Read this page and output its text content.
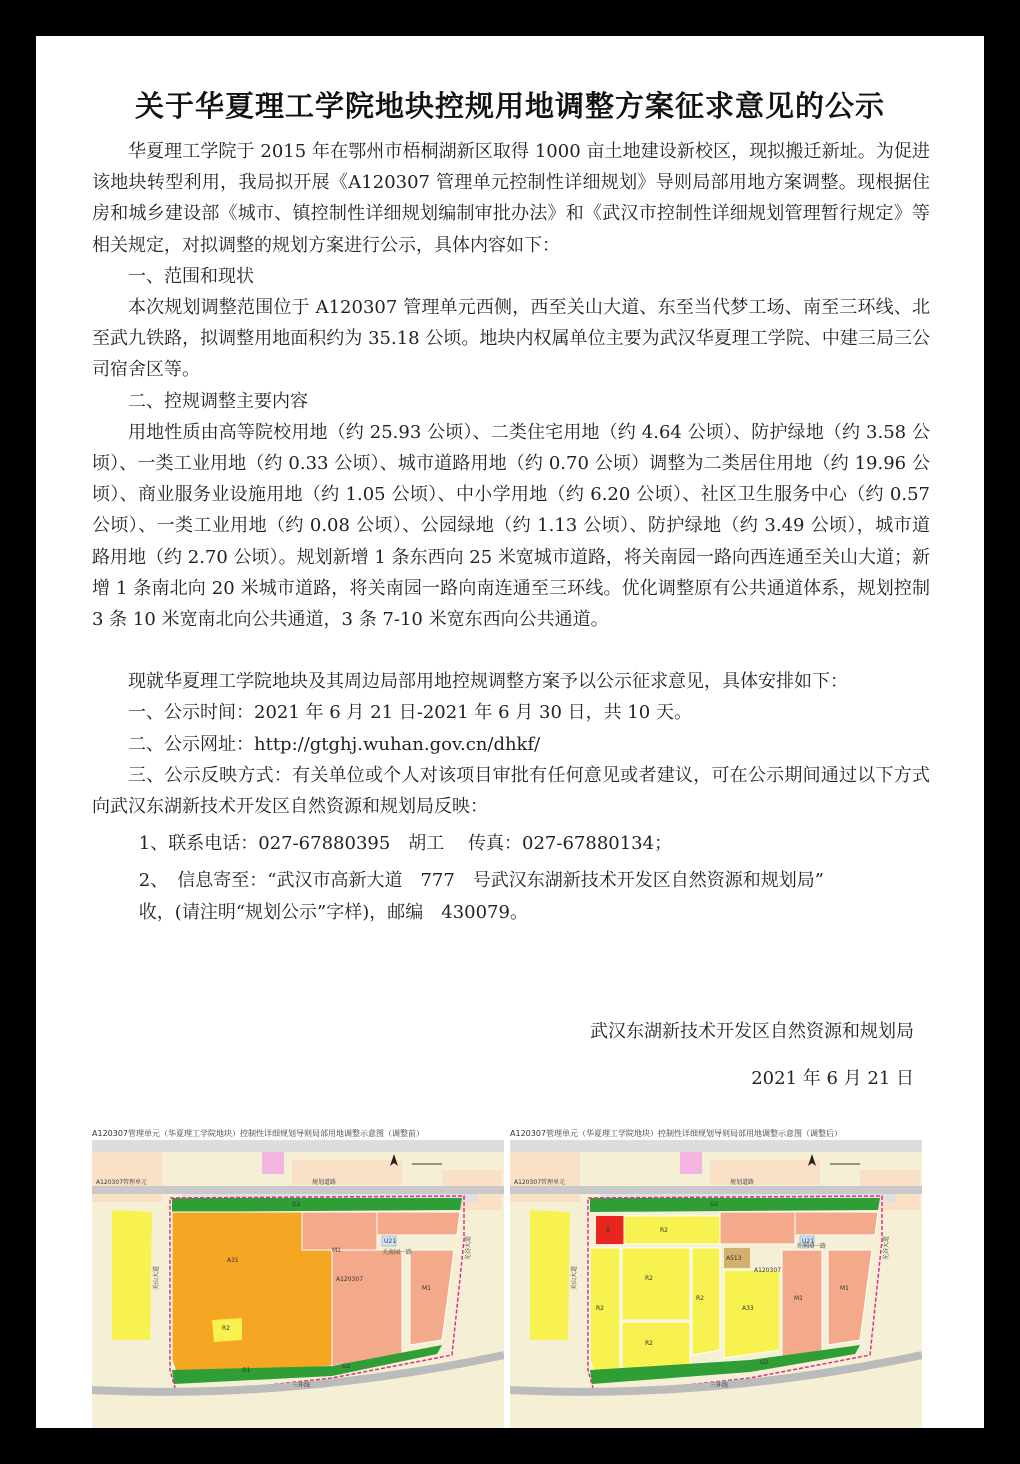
关于华夏理工学院地块控规用地调整方案征求意见的公示

华夏理工学院于 2015 年在鄂州市梧桐湖新区取得 1000 亩土地建设新校区，现拟搬迁新址。为促进该地块转型利用，我局拟开展《A120307 管理单元控制性详细规划》导则局部用地方案调整。现根据住房和城乡建设部《城市、镇控制性详细规划编制审批办法》和《武汉市控制性详细规划管理暂行规定》等相关规定，对拟调整的规划方案进行公示，具体内容如下：

一、范围和现状

本次规划调整范围位于 A120307 管理单元西侧，西至关山大道、东至当代梦工场、南至三环线、北至武九铁路，拟调整用地面积约为 35.18 公顷。地块内权属单位主要为武汉华夏理工学院、中建三局三公司宿舍区等。

二、控规调整主要内容

用地性质由高等院校用地（约 25.93 公顷）、二类住宅用地（约 4.64 公顷）、防护绿地（约 3.58 公顷）、一类工业用地（约 0.33 公顷）、城市道路用地（约 0.70 公顷）调整为二类居住用地（约 19.96 公顷）、商业服务业设施用地（约 1.05 公顷）、中小学用地（约 6.20 公顷）、社区卫生服务中心（约 0.57 公顷）、一类工业用地（约 0.08 公顷）、公园绿地（约 1.13 公顷）、防护绿地（约 3.49 公顷），城市道路用地（约 2.70 公顷）。规划新增 1 条东西向 25 米宽城市道路，将关南园一路向西连通至关山大道；新增 1 条南北向 20 米城市道路，将关南园一路向南连通至三环线。优化调整原有公共通道体系，规划控制 3 条 10 米宽南北向公共通道，3 条 7-10 米宽东西向公共通道。

现就华夏理工学院地块及其周边局部用地控规调整方案予以公示征求意见，具体安排如下：

一、公示时间：2021 年 6 月 21 日-2021 年 6 月 30 日，共 10 天。

二、公示网址：http://gtghj.wuhan.gov.cn/dhkf/

三、公示反映方式：有关单位或个人对该项目审批有任何意见或者建议，可在公示期间通过以下方式向武汉东湖新技术开发区自然资源和规划局反映：

1、联系电话：027-67880395　胡工　 传真：027-67880134；

2、　信息寄至：“武汉市高新大道　777　号武汉东湖新技术开发区自然资源和规划局”

收，(请注明“规划公示”字样)，邮编　430079。

武汉东湖新技术开发区自然资源和规划局
2021 年 6 月 21 日
A120307管理单元（华夏理工学院地块）控制性详细规划导则局部用地调整示意图（调整前）
A120307管理单元
A31
R2
M1
M1
U21
G2
G2
G1
A120307
规划道路
关山大道
三环线
关南园一路	光谷大道
A120307管理单元（华夏理工学院地块）控制性详细规划导则局部用地调整示意图（调整后）
A120307管理单元
B	R2
R2
R2
R2
R2
A513
A33
M1
M1
U21
G2
G2
A120307
规划道路
关山大道
三环线
关南园一路	光谷大道
